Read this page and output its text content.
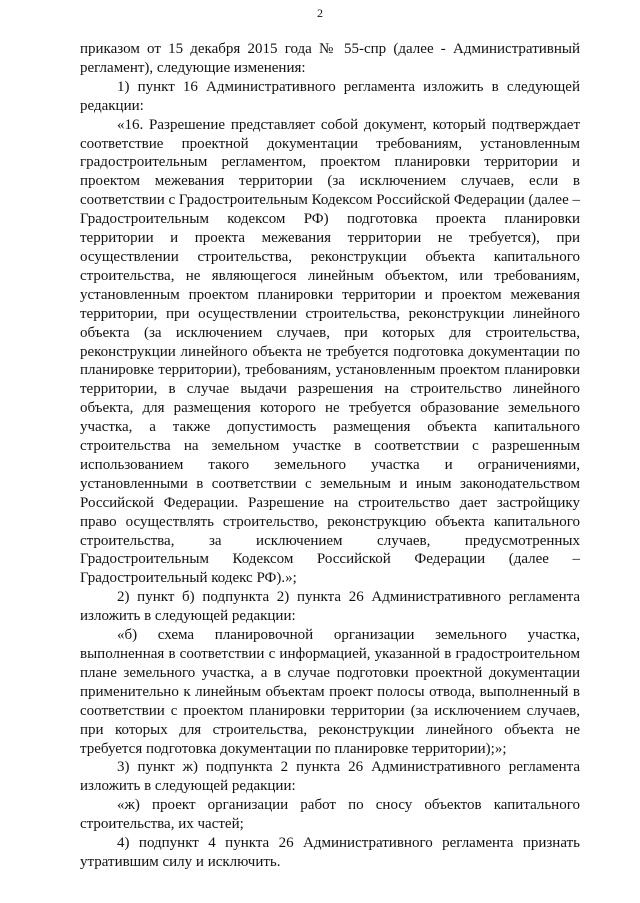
2

приказом от 15 декабря 2015 года № 55-спр (далее - Административный регламент), следующие изменения:

1) пункт 16 Административного регламента изложить в следующей редакции:

«16. Разрешение представляет собой документ, который подтверждает соответствие проектной документации требованиям, установленным градостроительным регламентом, проектом планировки территории и проектом межевания территории (за исключением случаев, если в соответствии с Градостроительным Кодексом Российской Федерации (далее – Градостроительным кодексом РФ) подготовка проекта планировки территории и проекта межевания территории не требуется), при осуществлении строительства, реконструкции объекта капитального строительства, не являющегося линейным объектом, или требованиям, установленным проектом планировки территории и проектом межевания территории, при осуществлении строительства, реконструкции линейного объекта (за исключением случаев, при которых для строительства, реконструкции линейного объекта не требуется подготовка документации по планировке территории), требованиям, установленным проектом планировки территории, в случае выдачи разрешения на строительство линейного объекта, для размещения которого не требуется образование земельного участка, а также допустимость размещения объекта капитального строительства на земельном участке в соответствии с разрешенным использованием такого земельного участка и ограничениями, установленными в соответствии с земельным и иным законодательством Российской Федерации. Разрешение на строительство дает застройщику право осуществлять строительство, реконструкцию объекта капитального строительства, за исключением случаев, предусмотренных Градостроительным Кодексом Российской Федерации (далее – Градостроительный кодекс РФ).»;

2) пункт б) подпункта 2) пункта 26 Административного регламента изложить в следующей редакции:

«б) схема планировочной организации земельного участка, выполненная в соответствии с информацией, указанной в градостроительном плане земельного участка, а в случае подготовки проектной документации применительно к линейным объектам проект полосы отвода, выполненный в соответствии с проектом планировки территории (за исключением случаев, при которых для строительства, реконструкции линейного объекта не требуется подготовка документации по планировке территории);»;

3) пункт ж) подпункта 2 пункта 26 Административного регламента изложить в следующей редакции:

«ж) проект организации работ по сносу объектов капитального строительства, их частей;

4) подпункт 4 пункта 26 Административного регламента признать утратившим силу и исключить.
